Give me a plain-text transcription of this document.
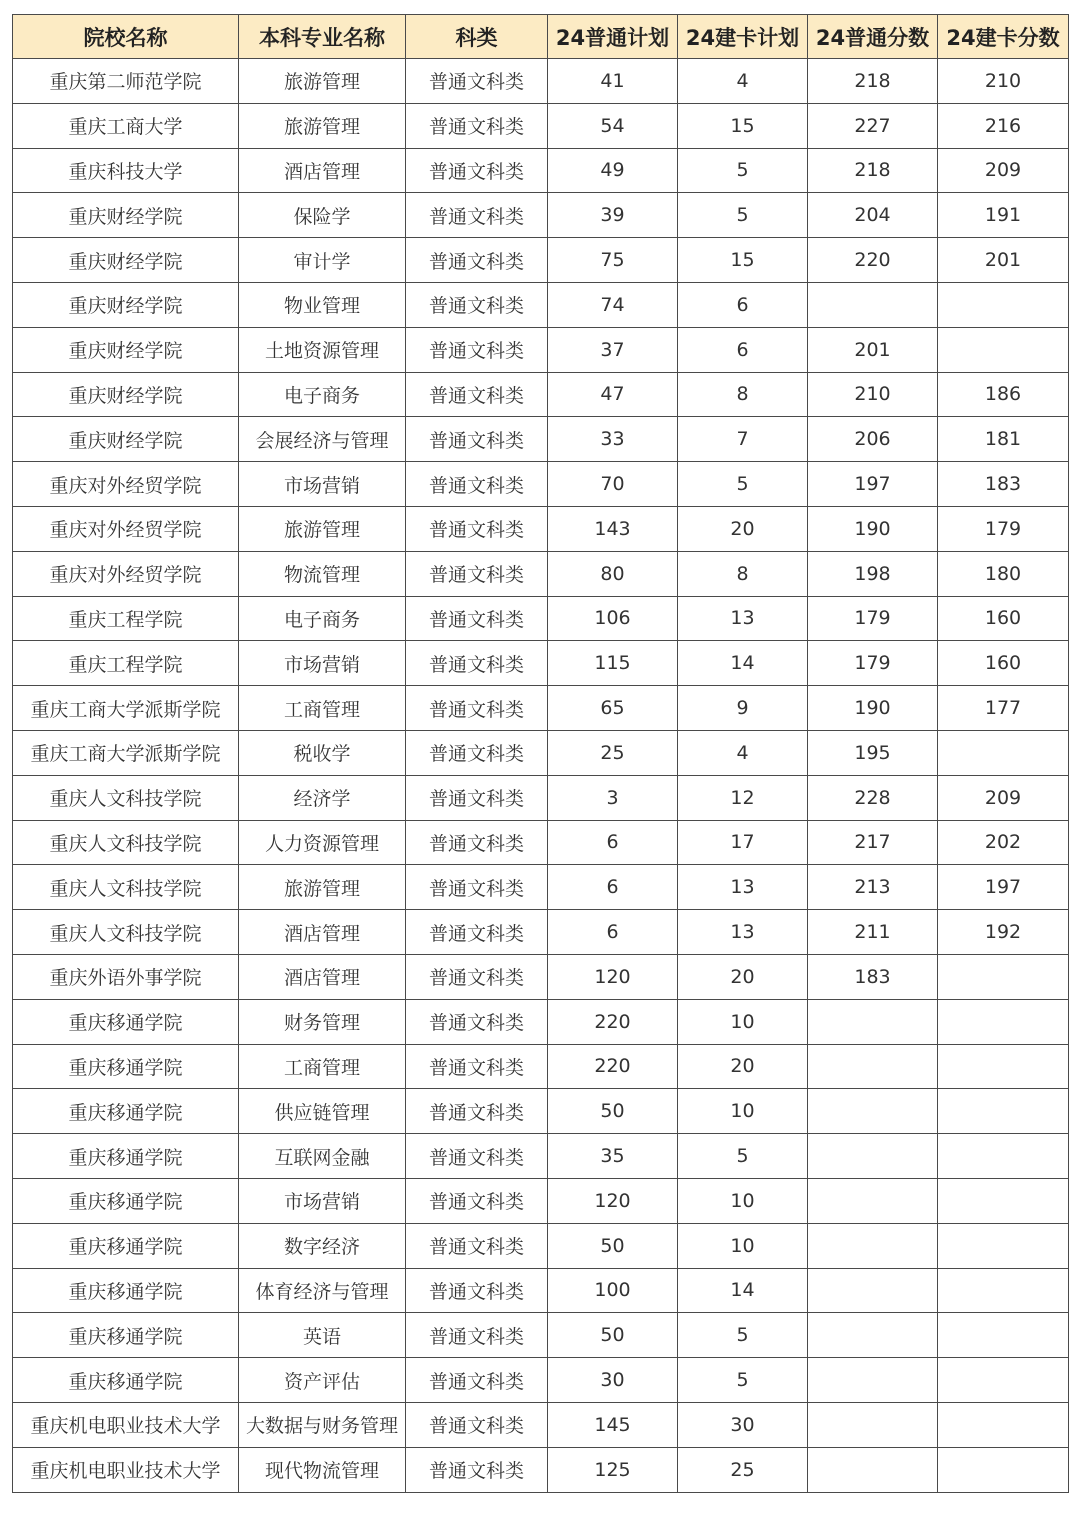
院校名称	本科专业名称	科类	24普通计划	24建卡计划	24普通分数	24建卡分数
重庆第二师范学院	旅游管理	普通文科类	41	4	218	210
重庆工商大学	旅游管理	普通文科类	54	15	227	216
重庆科技大学	酒店管理	普通文科类	49	5	218	209
重庆财经学院	保险学	普通文科类	39	5	204	191
重庆财经学院	审计学	普通文科类	75	15	220	201
重庆财经学院	物业管理	普通文科类	74	6		
重庆财经学院	土地资源管理	普通文科类	37	6	201	
重庆财经学院	电子商务	普通文科类	47	8	210	186
重庆财经学院	会展经济与管理	普通文科类	33	7	206	181
重庆对外经贸学院	市场营销	普通文科类	70	5	197	183
重庆对外经贸学院	旅游管理	普通文科类	143	20	190	179
重庆对外经贸学院	物流管理	普通文科类	80	8	198	180
重庆工程学院	电子商务	普通文科类	106	13	179	160
重庆工程学院	市场营销	普通文科类	115	14	179	160
重庆工商大学派斯学院	工商管理	普通文科类	65	9	190	177
重庆工商大学派斯学院	税收学	普通文科类	25	4	195	
重庆人文科技学院	经济学	普通文科类	3	12	228	209
重庆人文科技学院	人力资源管理	普通文科类	6	17	217	202
重庆人文科技学院	旅游管理	普通文科类	6	13	213	197
重庆人文科技学院	酒店管理	普通文科类	6	13	211	192
重庆外语外事学院	酒店管理	普通文科类	120	20	183	
重庆移通学院	财务管理	普通文科类	220	10		
重庆移通学院	工商管理	普通文科类	220	20		
重庆移通学院	供应链管理	普通文科类	50	10		
重庆移通学院	互联网金融	普通文科类	35	5		
重庆移通学院	市场营销	普通文科类	120	10		
重庆移通学院	数字经济	普通文科类	50	10		
重庆移通学院	体育经济与管理	普通文科类	100	14		
重庆移通学院	英语	普通文科类	50	5		
重庆移通学院	资产评估	普通文科类	30	5		
重庆机电职业技术大学	大数据与财务管理	普通文科类	145	30		
重庆机电职业技术大学	现代物流管理	普通文科类	125	25		
